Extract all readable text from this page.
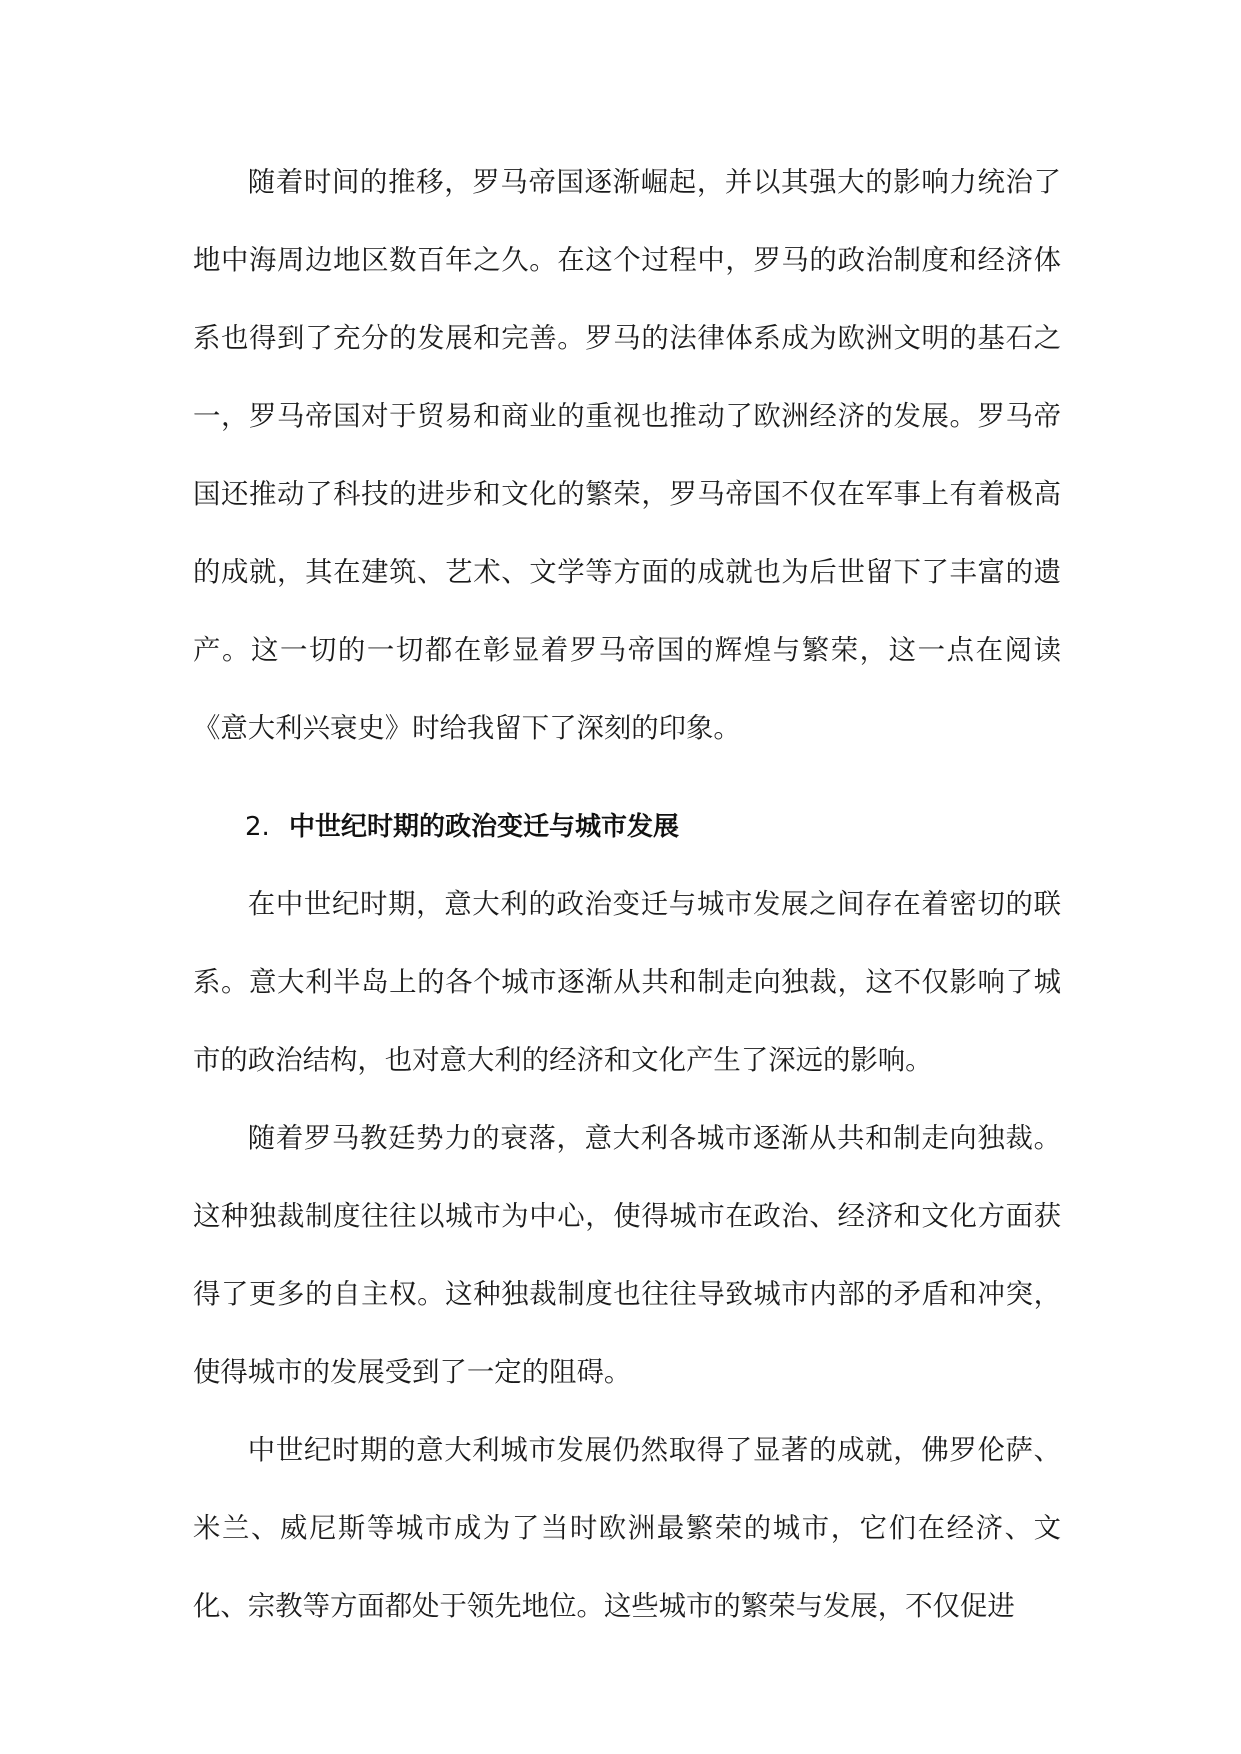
随着时间的推移，罗马帝国逐渐崛起，并以其强大的影响力统治了地中海周边地区数百年之久。在这个过程中，罗马的政治制度和经济体系也得到了充分的发展和完善。罗马的法律体系成为欧洲文明的基石之一，罗马帝国对于贸易和商业的重视也推动了欧洲经济的发展。罗马帝国还推动了科技的进步和文化的繁荣，罗马帝国不仅在军事上有着极高的成就，其在建筑、艺术、文学等方面的成就也为后世留下了丰富的遗产。这一切的一切都在彰显着罗马帝国的辉煌与繁荣，这一点在阅读《意大利兴衰史》时给我留下了深刻的印象。

2. 中世纪时期的政治变迁与城市发展

在中世纪时期，意大利的政治变迁与城市发展之间存在着密切的联系。意大利半岛上的各个城市逐渐从共和制走向独裁，这不仅影响了城市的政治结构，也对意大利的经济和文化产生了深远的影响。

随着罗马教廷势力的衰落，意大利各城市逐渐从共和制走向独裁。这种独裁制度往往以城市为中心，使得城市在政治、经济和文化方面获得了更多的自主权。这种独裁制度也往往导致城市内部的矛盾和冲突，使得城市的发展受到了一定的阻碍。

中世纪时期的意大利城市发展仍然取得了显著的成就，佛罗伦萨、米兰、威尼斯等城市成为了当时欧洲最繁荣的城市，它们在经济、文化、宗教等方面都处于领先地位。这些城市的繁荣与发展，不仅促进
